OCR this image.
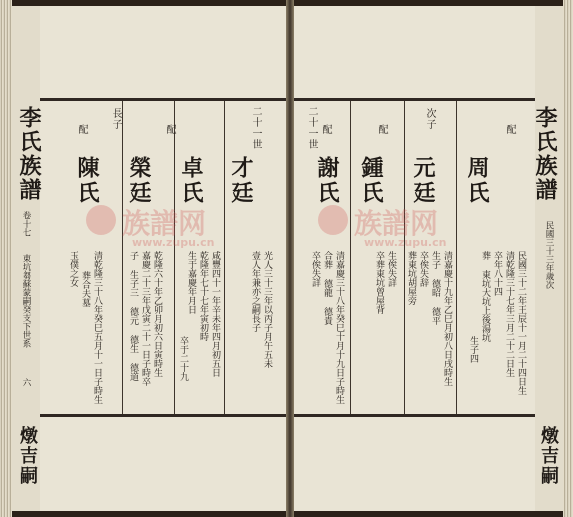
李氏族譜
卷十七
東坑芻蘇蒙嗣癸支下世系
六
燉吉嗣
配
陳氏
清乾隆三十八年癸巳五月十一日子時生
葬合夫墓
玉僕之女
長子
榮廷
乾隆六十年乙卯月初六日寅時生
嘉慶二十三年戊寅二十一日子時卒
子 生子三 德元 德生 德道
配
卓氏
咸豐四十一年辛未年四月初五日
乾隆年七十七年寅初時
生于嘉慶年月日
卒于二十九
二十一世
才廷
光人三十三年以丙子月午五未
壹人年兼亦之嗣長子
李氏族譜
民國三十三年歲次
燉吉嗣
二十一世 配
謝氏
清嘉慶三十八年癸巳十月十九日子時生
合葬 德龍 德貴
卒俟失詳
配
鍾氏
生俟失詳
卒葬東坑曾屋背
次子
元廷
清嘉慶十九年乙巳月初八日戌時生
生子 德昭 德平
卒俟失辞
葬東坑胡屋旁
配
周氏
民國三十二年王辰十一月二十四日生
清乾隆三十七年三月二十二日生
卒年八十四
葬 東坑大坑上後湯坑
生子四
族譜网
www.zupu.cn
族譜网
www.zupu.cn
